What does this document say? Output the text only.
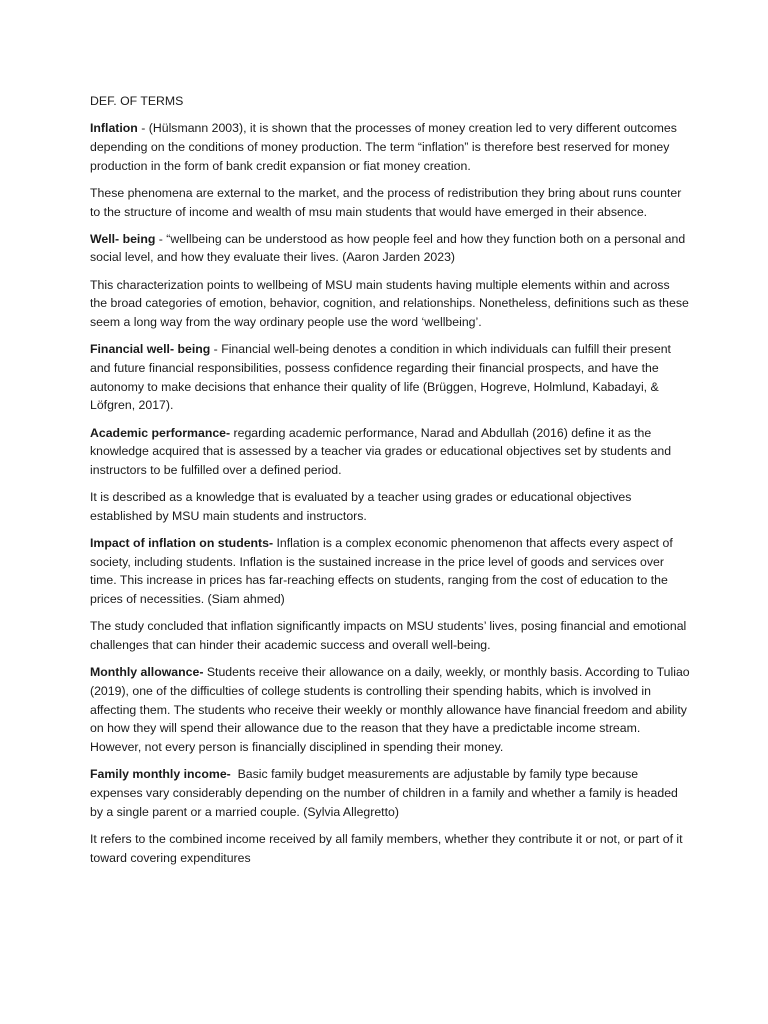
DEF. OF TERMS

Inflation - (Hülsmann 2003), it is shown that the processes of money creation led to very different outcomes depending on the conditions of money production. The term “inflation” is therefore best reserved for money production in the form of bank credit expansion or fiat money creation.

These phenomena are external to the market, and the process of redistribution they bring about runs counter to the structure of income and wealth of msu main students that would have emerged in their absence.

Well- being - “wellbeing can be understood as how people feel and how they function both on a personal and social level, and how they evaluate their lives. (Aaron Jarden 2023)

This characterization points to wellbeing of MSU main students having multiple elements within and across the broad categories of emotion, behavior, cognition, and relationships. Nonetheless, definitions such as these seem a long way from the way ordinary people use the word ‘wellbeing’.

Financial well- being - Financial well-being denotes a condition in which individuals can fulfill their present and future financial responsibilities, possess confidence regarding their financial prospects, and have the autonomy to make decisions that enhance their quality of life (Brüggen, Hogreve, Holmlund, Kabadayi, & Löfgren, 2017).

Academic performance- regarding academic performance, Narad and Abdullah (2016) define it as the knowledge acquired that is assessed by a teacher via grades or educational objectives set by students and instructors to be fulfilled over a defined period.

It is described as a knowledge that is evaluated by a teacher using grades or educational objectives established by MSU main students and instructors.

Impact of inflation on students- Inflation is a complex economic phenomenon that affects every aspect of society, including students. Inflation is the sustained increase in the price level of goods and services over time. This increase in prices has far-reaching effects on students, ranging from the cost of education to the prices of necessities. (Siam ahmed)

The study concluded that inflation significantly impacts on MSU students’ lives, posing financial and emotional challenges that can hinder their academic success and overall well-being.

Monthly allowance- Students receive their allowance on a daily, weekly, or monthly basis. According to Tuliao (2019), one of the difficulties of college students is controlling their spending habits, which is involved in affecting them. The students who receive their weekly or monthly allowance have financial freedom and ability on how they will spend their allowance due to the reason that they have a predictable income stream. However, not every person is financially disciplined in spending their money.

Family monthly income-  Basic family budget measurements are adjustable by family type because expenses vary considerably depending on the number of children in a family and whether a family is headed by a single parent or a married couple. (Sylvia Allegretto)

It refers to the combined income received by all family members, whether they contribute it or not, or part of it toward covering expenditures
